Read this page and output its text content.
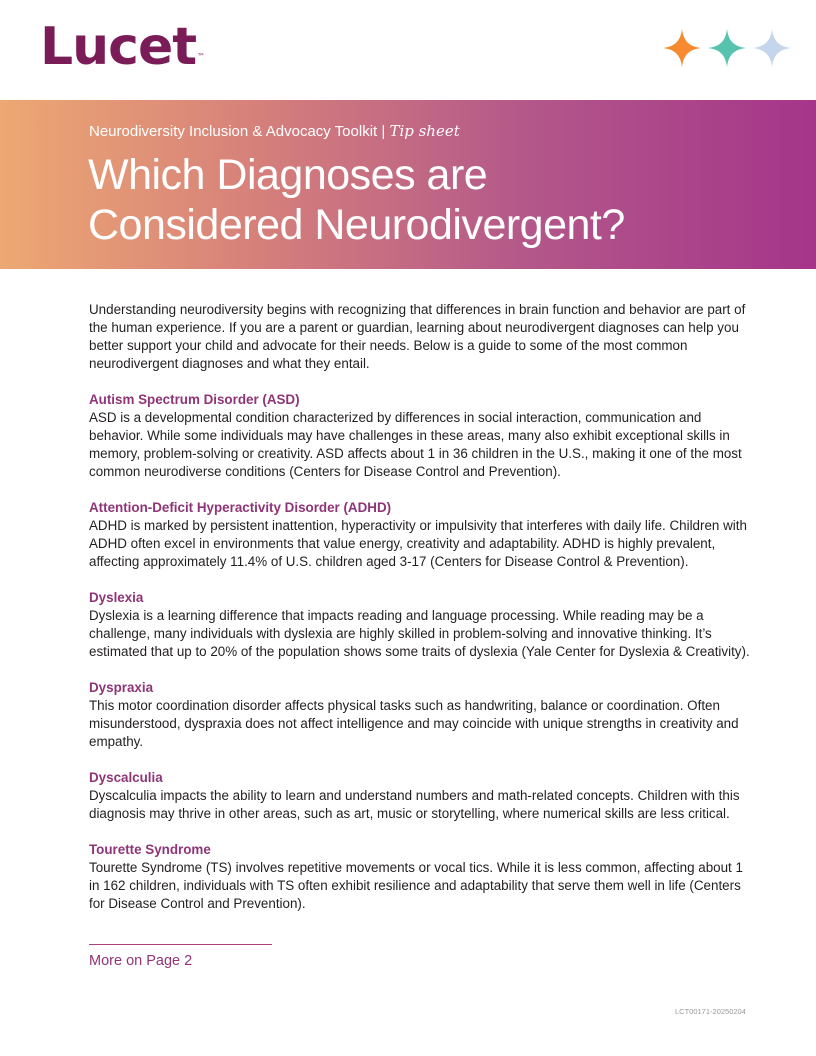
Lucet™
Neurodiversity Inclusion & Advocacy Toolkit | Tip sheet
Which Diagnoses are
Considered Neurodivergent?

Understanding neurodiversity begins with recognizing that differences in brain function and behavior are part of the human experience. If you are a parent or guardian, learning about neurodivergent diagnoses can help you better support your child and advocate for their needs. Below is a guide to some of the most common neurodivergent diagnoses and what they entail.

Autism Spectrum Disorder (ASD)

ASD is a developmental condition characterized by differences in social interaction, communication and behavior. While some individuals may have challenges in these areas, many also exhibit exceptional skills in memory, problem-solving or creativity. ASD affects about 1 in 36 children in the U.S., making it one of the most common neurodiverse conditions (Centers for Disease Control and Prevention).

Attention-Deficit Hyperactivity Disorder (ADHD)

ADHD is marked by persistent inattention, hyperactivity or impulsivity that interferes with daily life. Children with ADHD often excel in environments that value energy, creativity and adaptability. ADHD is highly prevalent, affecting approximately 11.4% of U.S. children aged 3-17 (Centers for Disease Control & Prevention).

Dyslexia

Dyslexia is a learning difference that impacts reading and language processing. While reading may be a challenge, many individuals with dyslexia are highly skilled in problem-solving and innovative thinking. It’s estimated that up to 20% of the population shows some traits of dyslexia (Yale Center for Dyslexia & Creativity).

Dyspraxia

This motor coordination disorder affects physical tasks such as handwriting, balance or coordination. Often misunderstood, dyspraxia does not affect intelligence and may coincide with unique strengths in creativity and empathy.

Dyscalculia

Dyscalculia impacts the ability to learn and understand numbers and math-related concepts. Children with this diagnosis may thrive in other areas, such as art, music or storytelling, where numerical skills are less critical.

Tourette Syndrome

Tourette Syndrome (TS) involves repetitive movements or vocal tics. While it is less common, affecting about 1 in 162 children, individuals with TS often exhibit resilience and adaptability that serve them well in life (Centers for Disease Control and Prevention).

More on Page 2
LCT00171-20250204
